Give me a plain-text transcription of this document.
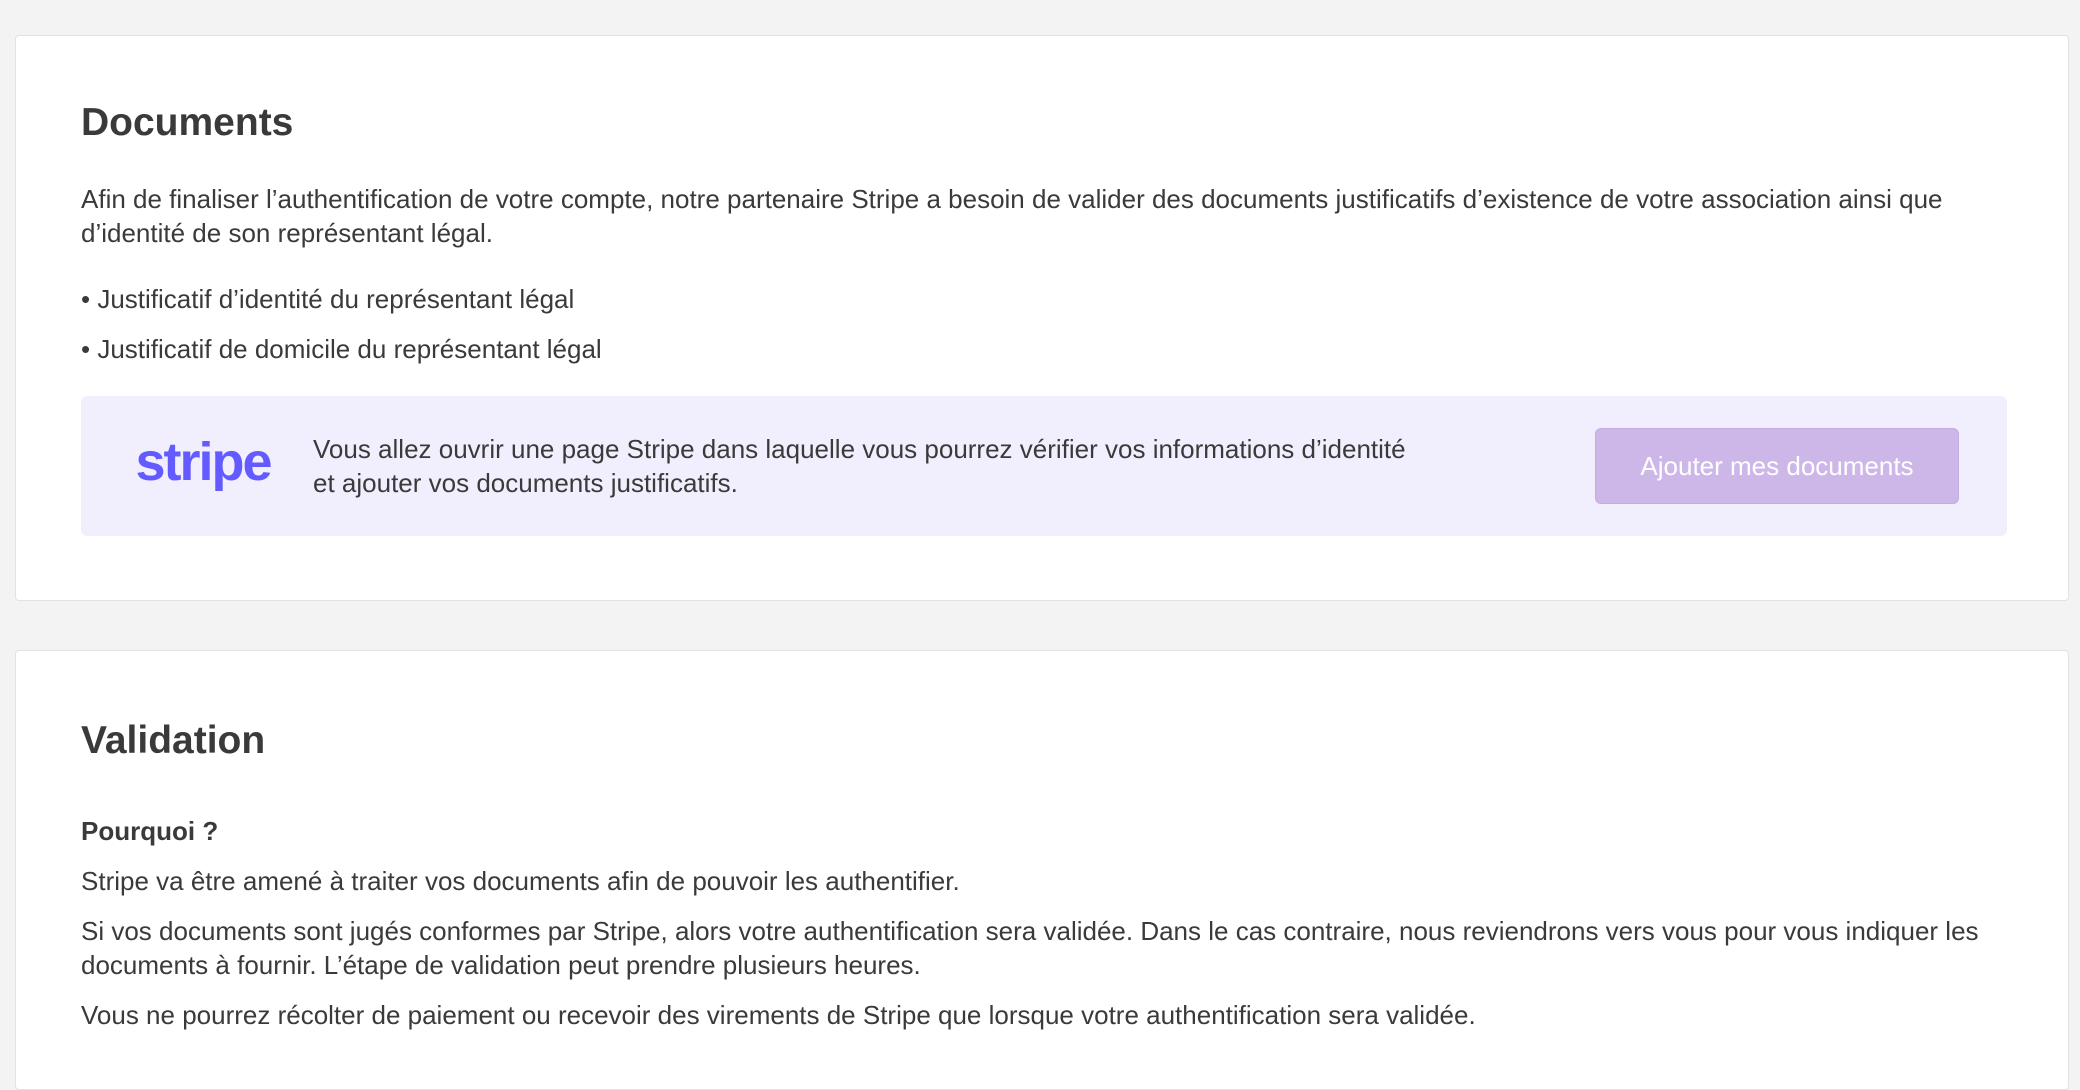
Documents

Afin de finaliser l’authentification de votre compte, notre partenaire Stripe a besoin de valider des documents justificatifs d’existence de votre association ainsi que d’identité de son représentant légal.

• Justificatif d’identité du représentant légal

• Justificatif de domicile du représentant légal

stripe Vous allez ouvrir une page Stripe dans laquelle vous pourrez vérifier vos informations d’identité et ajouter vos documents justificatifs.

Ajouter mes documents
Validation

Pourquoi ?

Stripe va être amené à traiter vos documents afin de pouvoir les authentifier.

Si vos documents sont jugés conformes par Stripe, alors votre authentification sera validée. Dans le cas contraire, nous reviendrons vers vous pour vous indiquer les documents à fournir. L’étape de validation peut prendre plusieurs heures.

Vous ne pourrez récolter de paiement ou recevoir des virements de Stripe que lorsque votre authentification sera validée.
